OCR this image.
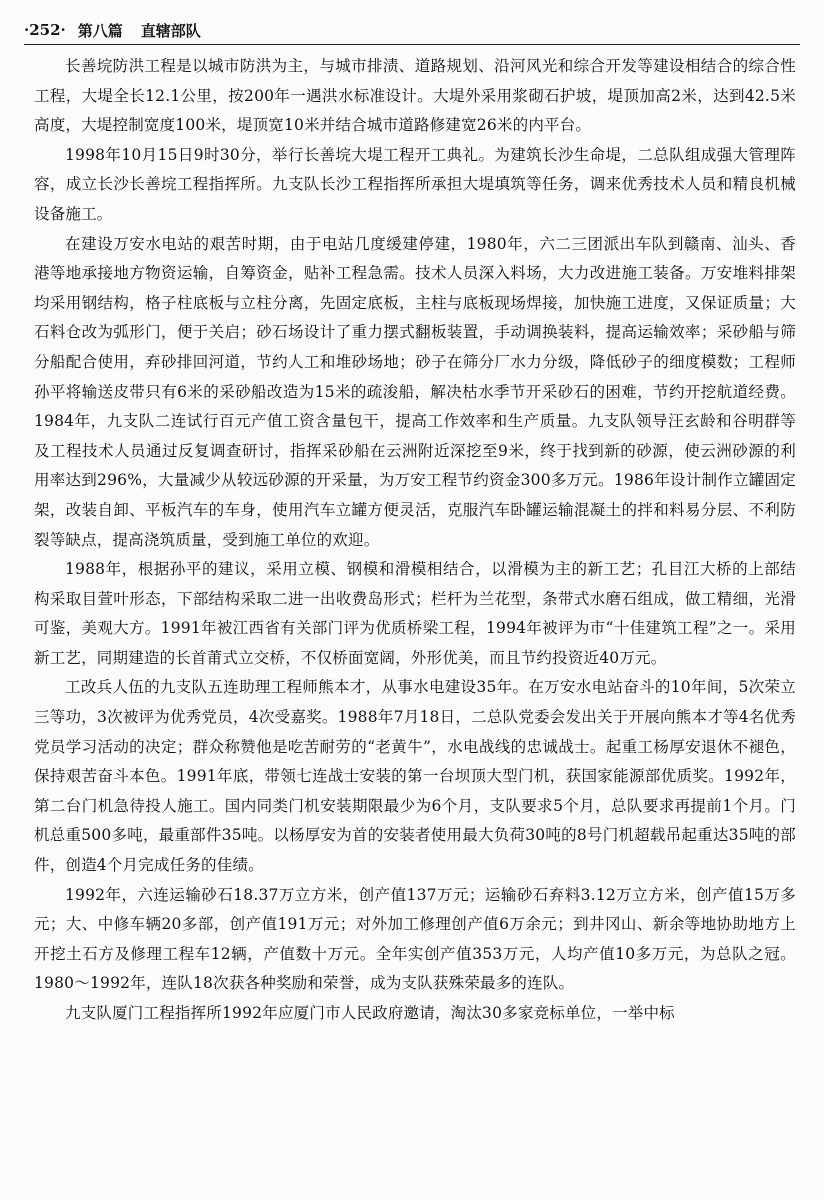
·252· 第八篇 直辖部队

长善垸防洪工程是以城市防洪为主，与城市排渍、道路规划、沿河风光和综合开发等建设相结合的综合性工程，大堤全长12.1公里，按200年一遇洪水标准设计。大堤外采用浆砌石护坡，堤顶加高2米，达到42.5米高度，大堤控制宽度100米，堤顶宽10米并结合城市道路修建宽26米的内平台。

1998年10月15日9时30分，举行长善垸大堤工程开工典礼。为建筑长沙生命堤，二总队组成强大管理阵容，成立长沙长善垸工程指挥所。九支队长沙工程指挥所承担大堤填筑等任务，调来优秀技术人员和精良机械设备施工。

在建设万安水电站的艰苦时期，由于电站几度缓建停建，1980年，六二三团派出车队到赣南、汕头、香港等地承接地方物资运输，自筹资金，贴补工程急需。技术人员深入料场，大力改进施工装备。万安堆料排架均采用钢结构，格子柱底板与立柱分离，先固定底板，主柱与底板现场焊接，加快施工进度，又保证质量；大石料仓改为弧形门，便于关启；砂石场设计了重力摆式翻板装置，手动调换装料，提高运输效率；采砂船与筛分船配合使用，弃砂排回河道，节约人工和堆砂场地；砂子在筛分厂水力分级，降低砂子的细度模数；工程师孙平将输送皮带只有6米的采砂船改造为15米的疏浚船，解决枯水季节开采砂石的困难，节约开挖航道经费。1984年，九支队二连试行百元产值工资含量包干，提高工作效率和生产质量。九支队领导汪玄龄和谷明群等及工程技术人员通过反复调查研讨，指挥采砂船在云洲附近深挖至9米，终于找到新的砂源，使云洲砂源的利用率达到296%，大量减少从较远砂源的开采量，为万安工程节约资金300多万元。1986年设计制作立罐固定架，改装自卸、平板汽车的车身，使用汽车立罐方便灵活，克服汽车卧罐运输混凝土的拌和料易分层、不利防裂等缺点，提高浇筑质量，受到施工单位的欢迎。

1988年，根据孙平的建议，采用立模、钢模和滑模相结合，以滑模为主的新工艺；孔目江大桥的上部结构采取目萱叶形态，下部结构采取二进一出收费岛形式；栏杆为兰花型，条带式水磨石组成，做工精细，光滑可鉴，美观大方。1991年被江西省有关部门评为优质桥梁工程，1994年被评为市“十佳建筑工程”之一。采用新工艺，同期建造的长首莆式立交桥，不仅桥面宽阔，外形优美，而且节约投资近40万元。

工改兵人伍的九支队五连助理工程师熊本才，从事水电建设35年。在万安水电站奋斗的10年间，5次荣立三等功，3次被评为优秀党员，4次受嘉奖。1988年7月18日，二总队党委会发出关于开展向熊本才等4名优秀党员学习活动的决定；群众称赞他是吃苦耐劳的“老黄牛”，水电战线的忠诚战士。起重工杨厚安退休不褪色，保持艰苦奋斗本色。1991年底，带领七连战士安装的第一台坝顶大型门机，获国家能源部优质奖。1992年，第二台门机急待投人施工。国内同类门机安装期限最少为6个月，支队要求5个月，总队要求再提前1个月。门机总重500多吨，最重部件35吨。以杨厚安为首的安装者使用最大负荷30吨的8号门机超载吊起重达35吨的部件，创造4个月完成任务的佳绩。

1992年，六连运输砂石18.37万立方米，创产值137万元；运输砂石弃料3.12万立方米，创产值15万多元；大、中修车辆20多部，创产值191万元；对外加工修理创产值6万余元；到井冈山、新余等地协助地方上开挖土石方及修理工程车12辆，产值数十万元。全年实创产值353万元，人均产值10多万元，为总队之冠。1980～1992年，连队18次获各种奖励和荣誉，成为支队获殊荣最多的连队。

九支队厦门工程指挥所1992年应厦门市人民政府邀请，淘汰30多家竞标单位，一举中标
